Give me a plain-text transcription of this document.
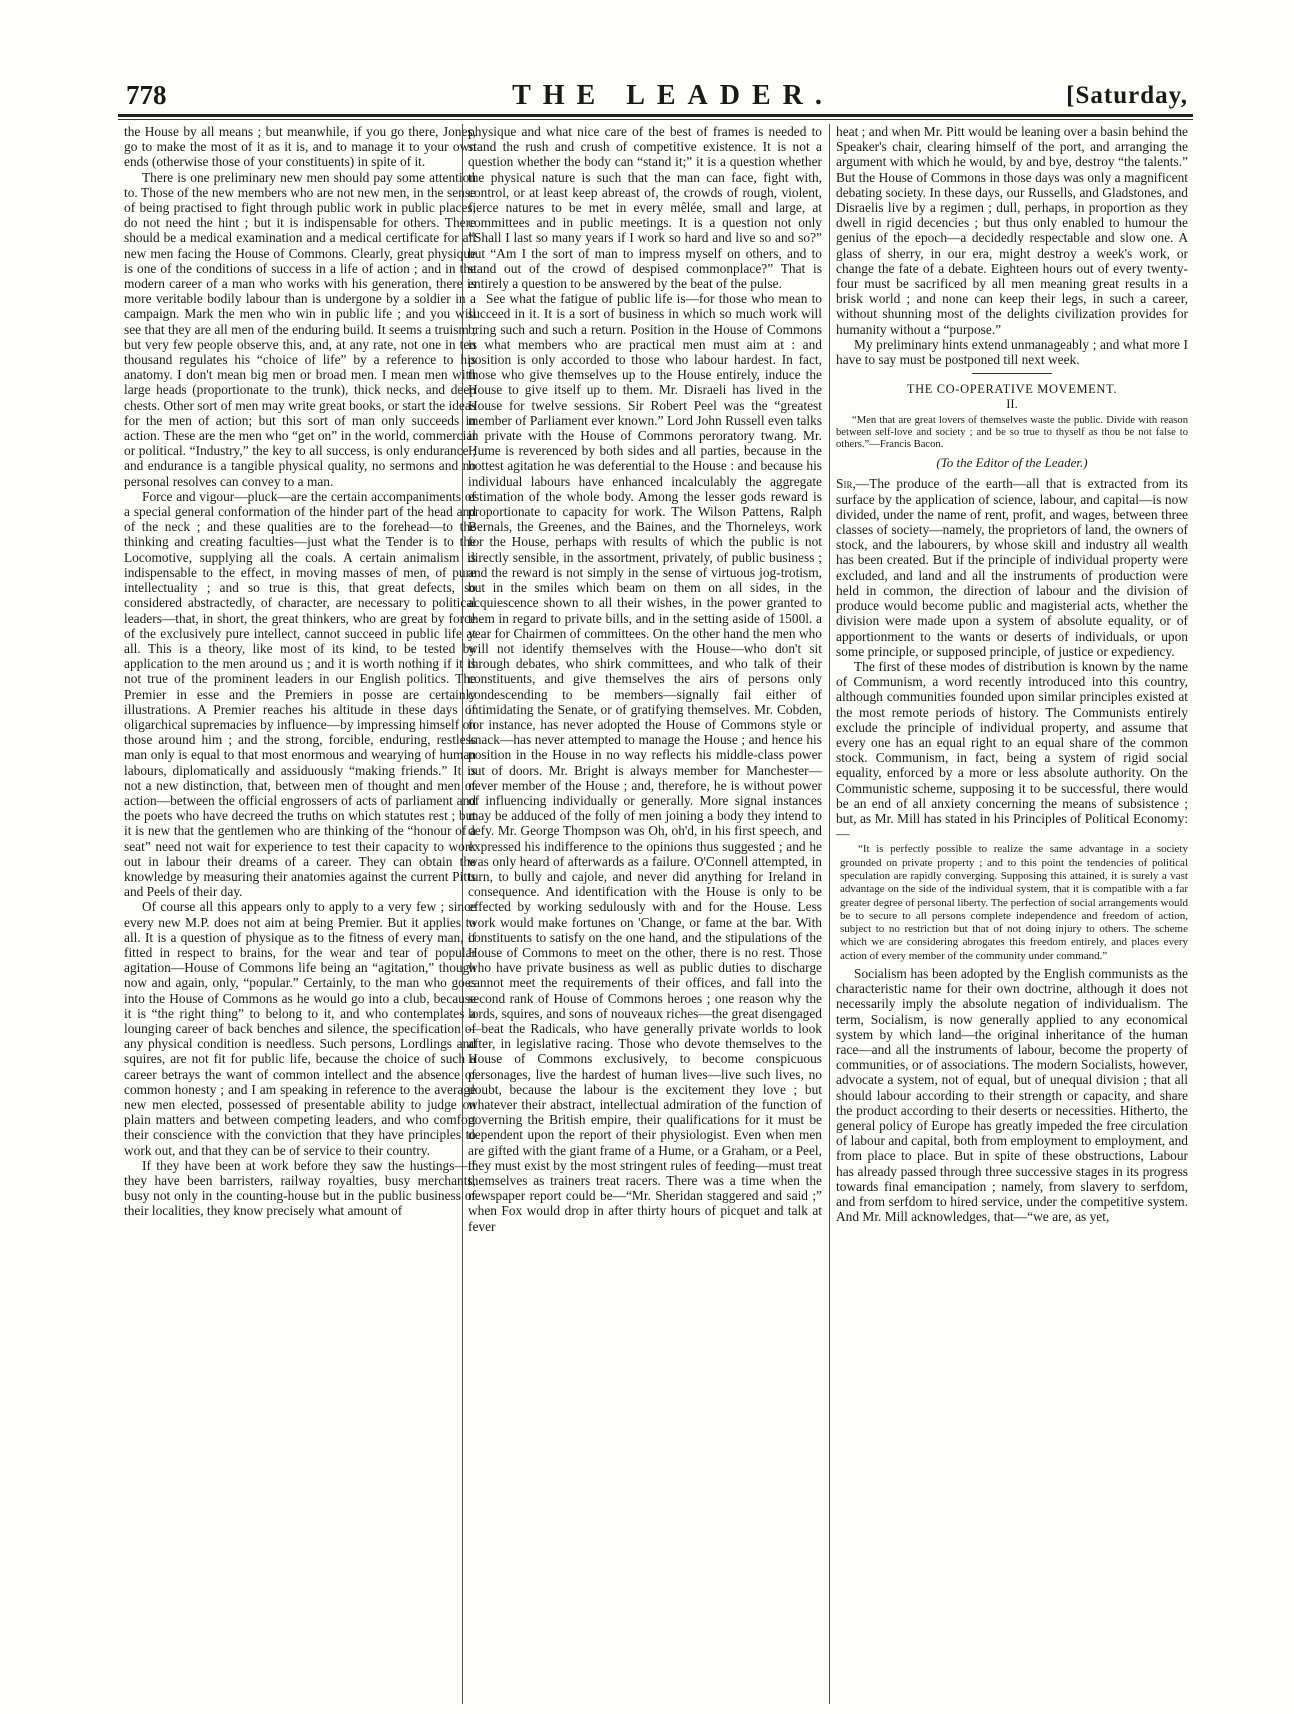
778	THE LEADER.	[Saturday,

the House by all means ; but meanwhile, if you go there, Jones, go to make the most of it as it is, and to manage it to your own ends (otherwise those of your constituents) in spite of it.

There is one preliminary new men should pay some attention to. Those of the new members who are not new men, in the sense of being practised to fight through public work in public places, do not need the hint ; but it is indispensable for others. There should be a medical examination and a medical certificate for all new men facing the House of Commons. Clearly, great physique is one of the conditions of success in a life of action ; and in the modern career of a man who works with his generation, there is more veritable bodily labour than is undergone by a soldier in a campaign. Mark the men who win in public life ; and you will see that they are all men of the enduring build. It seems a truism ; but very few people observe this, and, at any rate, not one in ten thousand regulates his “choice of life” by a reference to his anatomy. I don't mean big men or broad men. I mean men with large heads (proportionate to the trunk), thick necks, and deep chests. Other sort of men may write great books, or start the ideas for the men of action; but this sort of man only succeeds in action. These are the men who “get on” in the world, commercial or political. “Industry,” the key to all success, is only endurance ; and endurance is a tangible physical quality, no sermons and no personal resolves can convey to a man.

Force and vigour—pluck—are the certain accompaniments of a special general conformation of the hinder part of the head and of the neck ; and these qualities are to the forehead—to the thinking and creating faculties—just what the Tender is to the Locomotive, supplying all the coals. A certain animalism is indispensable to the effect, in moving masses of men, of pure intellectuality ; and so true is this, that great defects, so considered abstractedly, of character, are necessary to political leaders—that, in short, the great thinkers, who are great by force of the exclusively pure intellect, cannot succeed in public life at all. This is a theory, like most of its kind, to be tested by application to the men around us ; and it is worth nothing if it is not true of the prominent leaders in our English politics. The Premier in esse and the Premiers in posse are certainly illustrations. A Premier reaches his altitude in these days of oligarchical supremacies by influence—by impressing himself on those around him ; and the strong, forcible, enduring, restless man only is equal to that most enormous and wearying of human labours, diplomatically and assiduously “making friends.” It is not a new distinction, that, between men of thought and men of action—between the official engrossers of acts of parliament and the poets who have decreed the truths on which statutes rest ; but it is new that the gentlemen who are thinking of the “honour of a seat” need not wait for experience to test their capacity to work out in labour their dreams of a career. They can obtain the knowledge by measuring their anatomies against the current Pitts and Peels of their day.

Of course all this appears only to apply to a very few ; since every new M.P. does not aim at being Premier. But it applies to all. It is a question of physique as to the fitness of every man, if fitted in respect to brains, for the wear and tear of popular agitation—House of Commons life being an “agitation,” though now and again, only, “popular.” Certainly, to the man who goes into the House of Commons as he would go into a club, because it is “the right thing” to belong to it, and who contemplates a lounging career of back benches and silence, the specification of any physical condition is needless. Such persons, Lordlings and squires, are not fit for public life, because the choice of such a career betrays the want of common intellect and the absence of common honesty ; and I am speaking in reference to the average new men elected, possessed of presentable ability to judge on plain matters and between competing leaders, and who comfort their conscience with the conviction that they have principles to work out, and that they can be of service to their country.

If they have been at work before they saw the hustings—if they have been barristers, railway royalties, busy merchants, busy not only in the counting-house but in the public business of their localities, they know precisely what amount of

physique and what nice care of the best of frames is needed to stand the rush and crush of competitive existence. It is not a question whether the body can “stand it;” it is a question whether the physical nature is such that the man can face, fight with, control, or at least keep abreast of, the crowds of rough, violent, fierce natures to be met in every mêlée, small and large, at committees and in public meetings. It is a question not only “Shall I last so many years if I work so hard and live so and so?” but “Am I the sort of man to impress myself on others, and to stand out of the crowd of despised commonplace?” That is entirely a question to be answered by the beat of the pulse.

See what the fatigue of public life is—for those who mean to succeed in it. It is a sort of business in which so much work will bring such and such a return. Position in the House of Commons is what members who are practical men must aim at : and position is only accorded to those who labour hardest. In fact, those who give themselves up to the House entirely, induce the House to give itself up to them. Mr. Disraeli has lived in the House for twelve sessions. Sir Robert Peel was the “greatest member of Parliament ever known.” Lord John Russell even talks in private with the House of Commons peroratory twang. Mr. Hume is reverenced by both sides and all parties, because in the hottest agitation he was deferential to the House : and because his individual labours have enhanced incalculably the aggregate estimation of the whole body. Among the lesser gods reward is proportionate to capacity for work. The Wilson Pattens, Ralph Bernals, the Greenes, and the Baines, and the Thorneleys, work for the House, perhaps with results of which the public is not directly sensible, in the assortment, privately, of public business ; and the reward is not simply in the sense of virtuous jog-trotism, but in the smiles which beam on them on all sides, in the acquiescence shown to all their wishes, in the power granted to them in regard to private bills, and in the setting aside of 1500l. a year for Chairmen of committees. On the other hand the men who will not identify themselves with the House—who don't sit through debates, who shirk committees, and who talk of their constituents, and give themselves the airs of persons only condescending to be members—signally fail either of intimidating the Senate, or of gratifying themselves. Mr. Cobden, for instance, has never adopted the House of Commons style or knack—has never attempted to manage the House ; and hence his position in the House in no way reflects his middle-class power out of doors. Mr. Bright is always member for Manchester—never member of the House ; and, therefore, he is without power of influencing individually or generally. More signal instances may be adduced of the folly of men joining a body they intend to defy. Mr. George Thompson was Oh, oh'd, in his first speech, and expressed his indifference to the opinions thus suggested ; and he was only heard of afterwards as a failure. O'Connell attempted, in turn, to bully and cajole, and never did anything for Ireland in consequence. And identification with the House is only to be effected by working sedulously with and for the House. Less work would make fortunes on 'Change, or fame at the bar. With constituents to satisfy on the one hand, and the stipulations of the House of Commons to meet on the other, there is no rest. Those who have private business as well as public duties to discharge cannot meet the requirements of their offices, and fall into the second rank of House of Commons heroes ; one reason why the lords, squires, and sons of nouveaux riches—the great disengaged—beat the Radicals, who have generally private worlds to look after, in legislative racing. Those who devote themselves to the House of Commons exclusively, to become conspicuous personages, live the hardest of human lives—live such lives, no doubt, because the labour is the excitement they love ; but whatever their abstract, intellectual admiration of the function of governing the British empire, their qualifications for it must be dependent upon the report of their physiologist. Even when men are gifted with the giant frame of a Hume, or a Graham, or a Peel, they must exist by the most stringent rules of feeding—must treat themselves as trainers treat racers. There was a time when the newspaper report could be—“Mr. Sheridan staggered and said ;” when Fox would drop in after thirty hours of picquet and talk at fever

heat ; and when Mr. Pitt would be leaning over a basin behind the Speaker's chair, clearing himself of the port, and arranging the argument with which he would, by and bye, destroy “the talents.” But the House of Commons in those days was only a magnificent debating society. In these days, our Russells, and Gladstones, and Disraelis live by a regimen ; dull, perhaps, in proportion as they dwell in rigid decencies ; but thus only enabled to humour the genius of the epoch—a decidedly respectable and slow one. A glass of sherry, in our era, might destroy a week's work, or change the fate of a debate. Eighteen hours out of every twenty-four must be sacrificed by all men meaning great results in a brisk world ; and none can keep their legs, in such a career, without shunning most of the delights civilization provides for humanity without a “purpose.”

My preliminary hints extend unmanageably ; and what more I have to say must be postponed till next week.

THE CO-OPERATIVE MOVEMENT.
II.

“Men that are great lovers of themselves waste the public. Divide with reason between self-love and society ; and be so true to thyself as thou be not false to others.”—Francis Bacon.

(To the Editor of the Leader.)

Sir,—The produce of the earth—all that is extracted from its surface by the application of science, labour, and capital—is now divided, under the name of rent, profit, and wages, between three classes of society—namely, the proprietors of land, the owners of stock, and the labourers, by whose skill and industry all wealth has been created. But if the principle of individual property were excluded, and land and all the instruments of production were held in common, the direction of labour and the division of produce would become public and magisterial acts, whether the division were made upon a system of absolute equality, or of apportionment to the wants or deserts of individuals, or upon some principle, or supposed principle, of justice or expediency.

The first of these modes of distribution is known by the name of Communism, a word recently introduced into this country, although communities founded upon similar principles existed at the most remote periods of history. The Communists entirely exclude the principle of individual property, and assume that every one has an equal right to an equal share of the common stock. Communism, in fact, being a system of rigid social equality, enforced by a more or less absolute authority. On the Communistic scheme, supposing it to be successful, there would be an end of all anxiety concerning the means of subsistence ; but, as Mr. Mill has stated in his Principles of Political Economy:—

“It is perfectly possible to realize the same advantage in a society grounded on private property ; and to this point the tendencies of political speculation are rapidly converging. Supposing this attained, it is surely a vast advantage on the side of the individual system, that it is compatible with a far greater degree of personal liberty. The perfection of social arrangements would be to secure to all persons complete independence and freedom of action, subject to no restriction but that of not doing injury to others. The scheme which we are considering abrogates this freedom entirely, and places every action of every member of the community under command.”

Socialism has been adopted by the English communists as the characteristic name for their own doctrine, although it does not necessarily imply the absolute negation of individualism. The term, Socialism, is now generally applied to any economical system by which land—the original inheritance of the human race—and all the instruments of labour, become the property of communities, or of associations. The modern Socialists, however, advocate a system, not of equal, but of unequal division ; that all should labour according to their strength or capacity, and share the product according to their deserts or necessities. Hitherto, the general policy of Europe has greatly impeded the free circulation of labour and capital, both from employment to employment, and from place to place. But in spite of these obstructions, Labour has already passed through three successive stages in its progress towards final emancipation ; namely, from slavery to serfdom, and from serfdom to hired service, under the competitive system. And Mr. Mill acknowledges, that—“we are, as yet,
